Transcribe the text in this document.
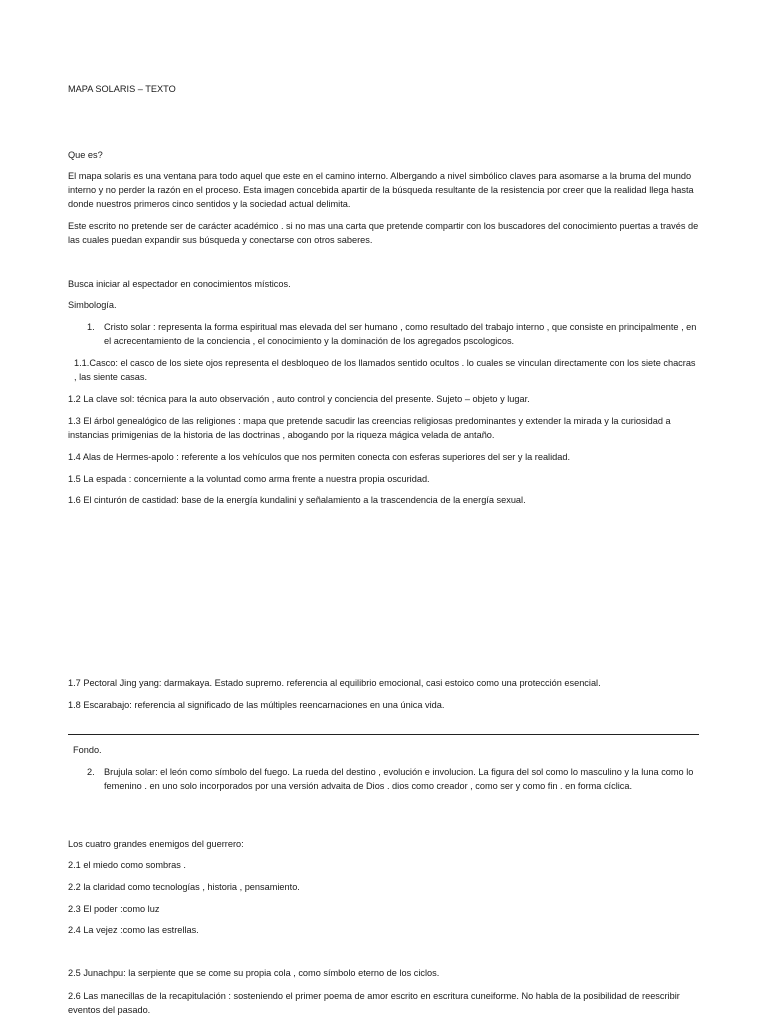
MAPA SOLARIS – TEXTO
Que es?
El mapa solaris es una ventana para todo aquel que este en el camino interno. Albergando a nivel simbólico claves para asomarse a la bruma del mundo interno y no perder la razón en el proceso. Esta imagen concebida apartir de la búsqueda resultante de la resistencia por creer que la realidad llega hasta donde nuestros primeros cinco sentidos y la sociedad actual delimita.
Este escrito no pretende ser de carácter académico . si no mas una carta que pretende compartir con los buscadores del conocimiento puertas a través de las cuales puedan expandir sus búsqueda y conectarse con otros saberes.
Busca iniciar al espectador en conocimientos místicos.
Simbología.
1. Cristo solar : representa la forma espiritual mas elevada del ser humano , como resultado del trabajo interno , que consiste en principalmente , en el acrecentamiento de la conciencia , el conocimiento y la dominación de los agregados pscologicos.
1.1.Casco: el casco de los siete ojos representa el desbloqueo de los llamados sentido ocultos . lo cuales se vinculan directamente con los siete chacras , las siente casas.
1.2 La clave sol: técnica para la auto observación , auto control y conciencia del presente. Sujeto – objeto y lugar.
1.3 El árbol genealógico de las religiones : mapa que pretende sacudir las creencias religiosas predominantes y extender la mirada y la curiosidad a instancias primigenias de la historia de las doctrinas , abogando por la riqueza mágica velada de antaño.
1.4 Alas de Hermes-apolo : referente a los vehículos que nos permiten conecta con esferas superiores del ser y la realidad.
1.5 La espada : concerniente a la voluntad como arma frente a nuestra propia oscuridad.
1.6 El cinturón de castidad: base de la energía kundalini y señalamiento a la trascendencia de la energía sexual.
1.7 Pectoral Jing yang: darmakaya. Estado supremo. referencia al equilibrio emocional, casi estoico como una protección esencial.
1.8 Escarabajo: referencia al significado de las múltiples reencarnaciones en una única vida.
Fondo.
2. Brujula solar: el león como símbolo del fuego. La rueda del destino , evolución e involucion. La figura del sol como lo masculino y la luna como lo femenino . en uno solo incorporados por una versión advaita de Dios . dios como creador , como ser y como fin . en forma cíclica.
Los cuatro grandes enemigos del guerrero:
2.1 el miedo como sombras .
2.2 la claridad como tecnologías , historia , pensamiento.
2.3 El poder :como luz
2.4 La vejez :como las estrellas.
2.5 Junachpu: la serpiente que se come su propia cola , como símbolo eterno de los ciclos.
2.6 Las manecillas de la recapitulación : sosteniendo el primer poema de amor escrito en escritura cuneiforme. No habla de la posibilidad de reescribir eventos del pasado.
